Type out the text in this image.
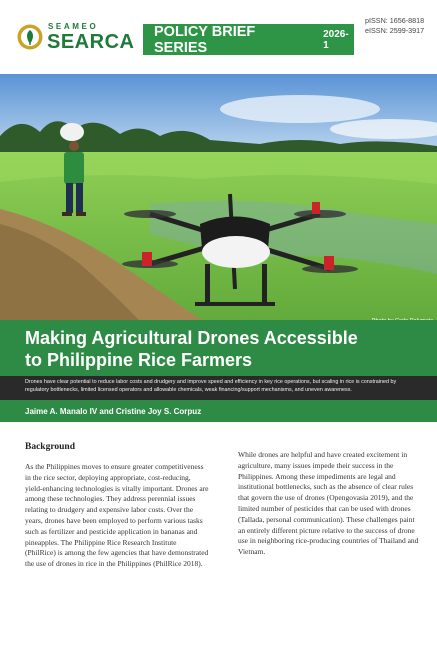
SEAMEO
SEARCA POLICY BRIEF SERIES
2026-1
pISSN: 1656-8818
eISSN: 2599-3917
Making Agricultural Drones Accessible
to Philippine Rice Farmers

Drones have clear potential to reduce labor costs and drudgery and improve speed and efficiency in key rice operations, but scaling in rice is constrained by regulatory bottlenecks, limited licensed operators and allowable chemicals, weak financing/support mechanisms, and uneven awareness.

Jaime A. Manalo IV and Cristine Joy S. Corpuz
Background

As the Philippines moves to ensure greater competitiveness in the rice sector, deploying appropriate, cost-reducing, yield-enhancing technologies is vitally important. Drones are among these technologies. They address perennial issues relating to drudgery and expensive labor costs. Over the years, drones have been employed to perform various tasks such as fertilizer and pesticide application in bananas and pineapples. The Philippine Rice Research Institute (PhilRice) is among the few agencies that have demonstrated the use of drones in rice in the Philippines (PhilRice 2018).

While drones are helpful and have created excitement in agriculture, many issues impede their success in the Philippines. Among these impediments are legal and institutional bottlenecks, such as the absence of clear rules that govern the use of drones (Opengovasia 2019), and the limited number of pesticides that can be used with drones (Tallada, personal communication). These challenges paint an entirely different picture relative to the success of drone use in neighboring rice-producing countries of Thailand and Vietnam.
